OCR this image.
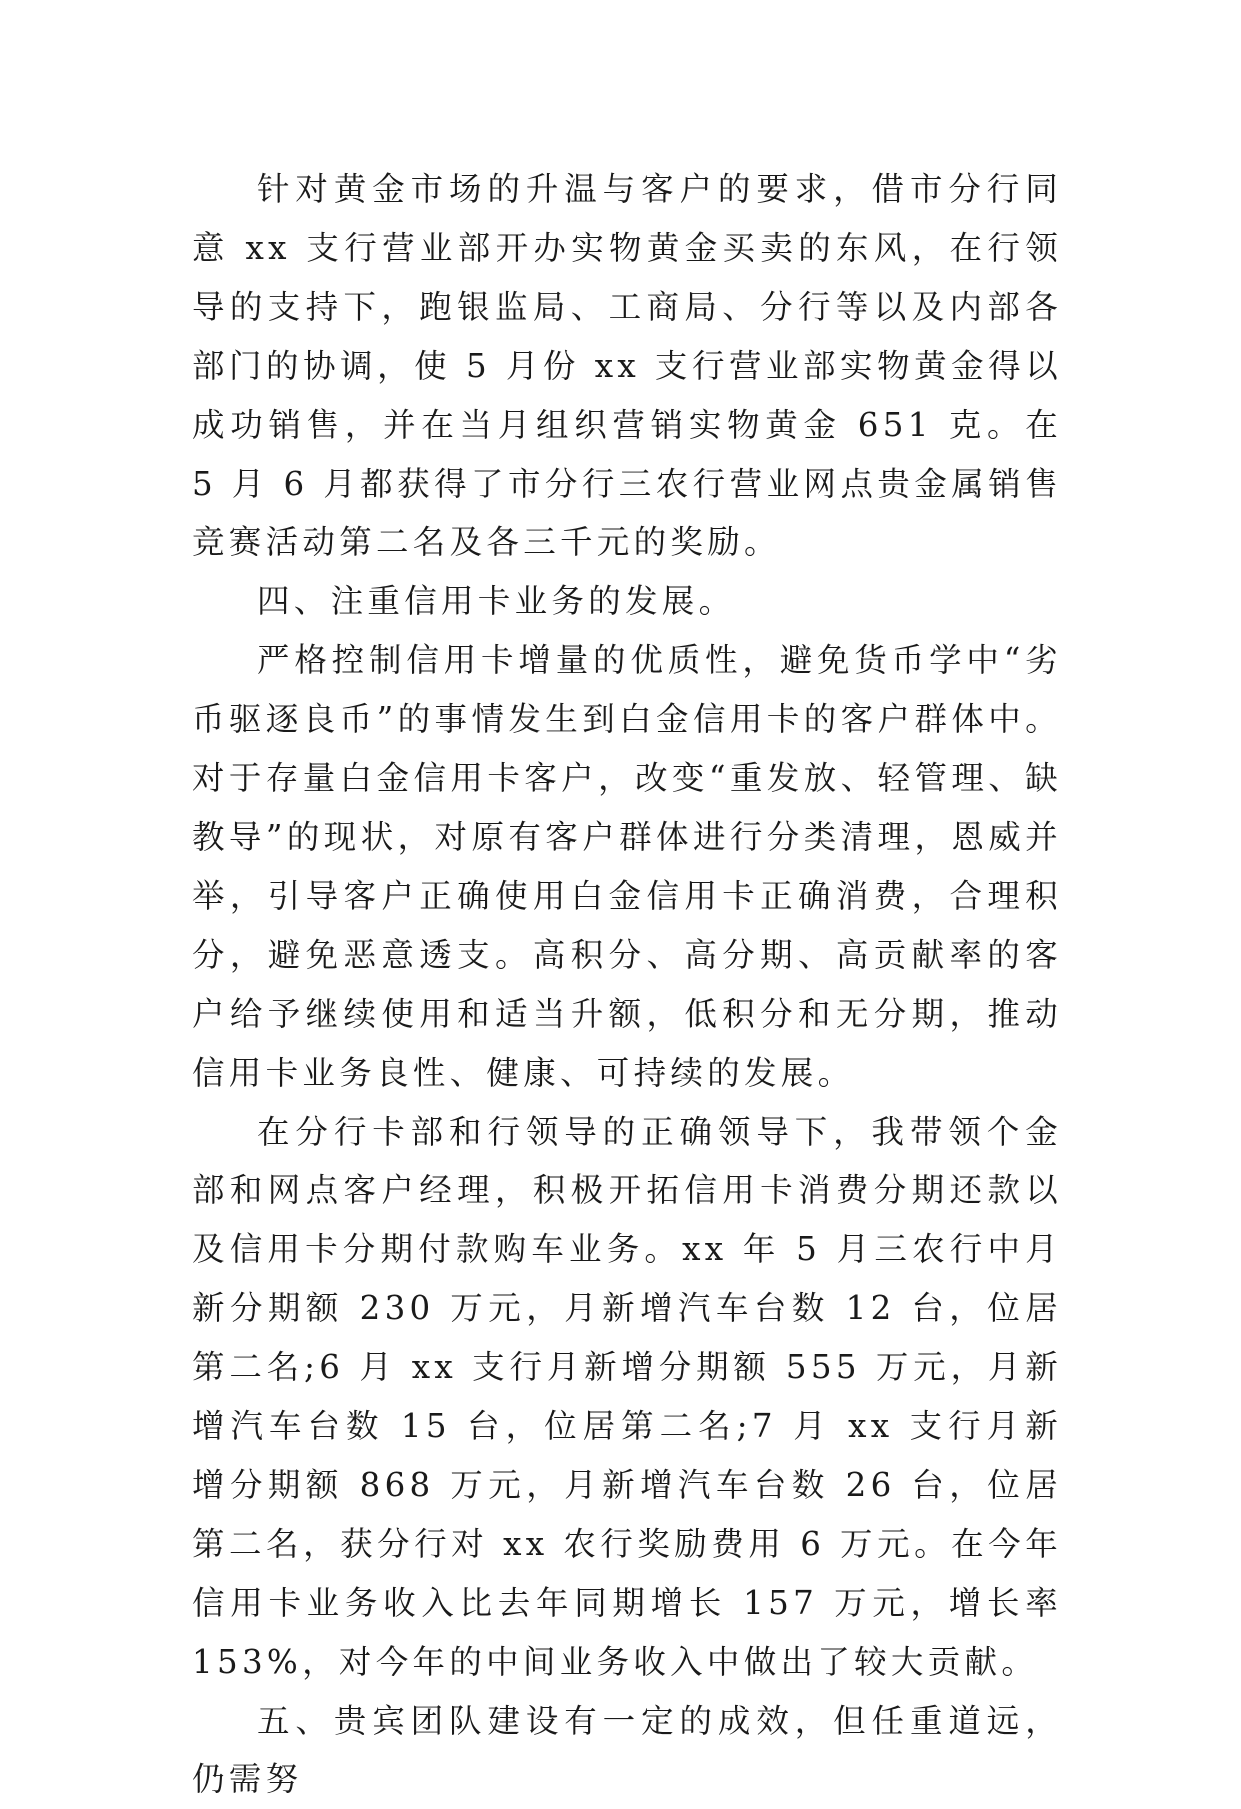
针对黄金市场的升温与客户的要求，借市分行同意 xx 支行营业部开办实物黄金买卖的东风，在行领导的支持下，跑银监局、工商局、分行等以及内部各部门的协调，使 5 月份 xx 支行营业部实物黄金得以成功销售，并在当月组织营销实物黄金 651 克。在 5 月 6 月都获得了市分行三农行营业网点贵金属销售竞赛活动第二名及各三千元的奖励。

四、注重信用卡业务的发展。

严格控制信用卡增量的优质性，避免货币学中“劣币驱逐良币”的事情发生到白金信用卡的客户群体中。对于存量白金信用卡客户，改变“重发放、轻管理、缺教导”的现状，对原有客户群体进行分类清理，恩威并举，引导客户正确使用白金信用卡正确消费，合理积分，避免恶意透支。高积分、高分期、高贡献率的客户给予继续使用和适当升额，低积分和无分期，推动信用卡业务良性、健康、可持续的发展。

在分行卡部和行领导的正确领导下，我带领个金部和网点客户经理，积极开拓信用卡消费分期还款以及信用卡分期付款购车业务。xx 年 5 月三农行中月新分期额 230 万元，月新增汽车台数 12 台，位居第二名;6 月 xx 支行月新增分期额 555 万元，月新增汽车台数 15 台，位居第二名;7 月 xx 支行月新增分期额 868 万元，月新增汽车台数 26 台，位居第二名，获分行对 xx 农行奖励费用 6 万元。在今年信用卡业务收入比去年同期增长 157 万元，增长率 153%，对今年的中间业务收入中做出了较大贡献。

五、贵宾团队建设有一定的成效，但任重道远，仍需努
